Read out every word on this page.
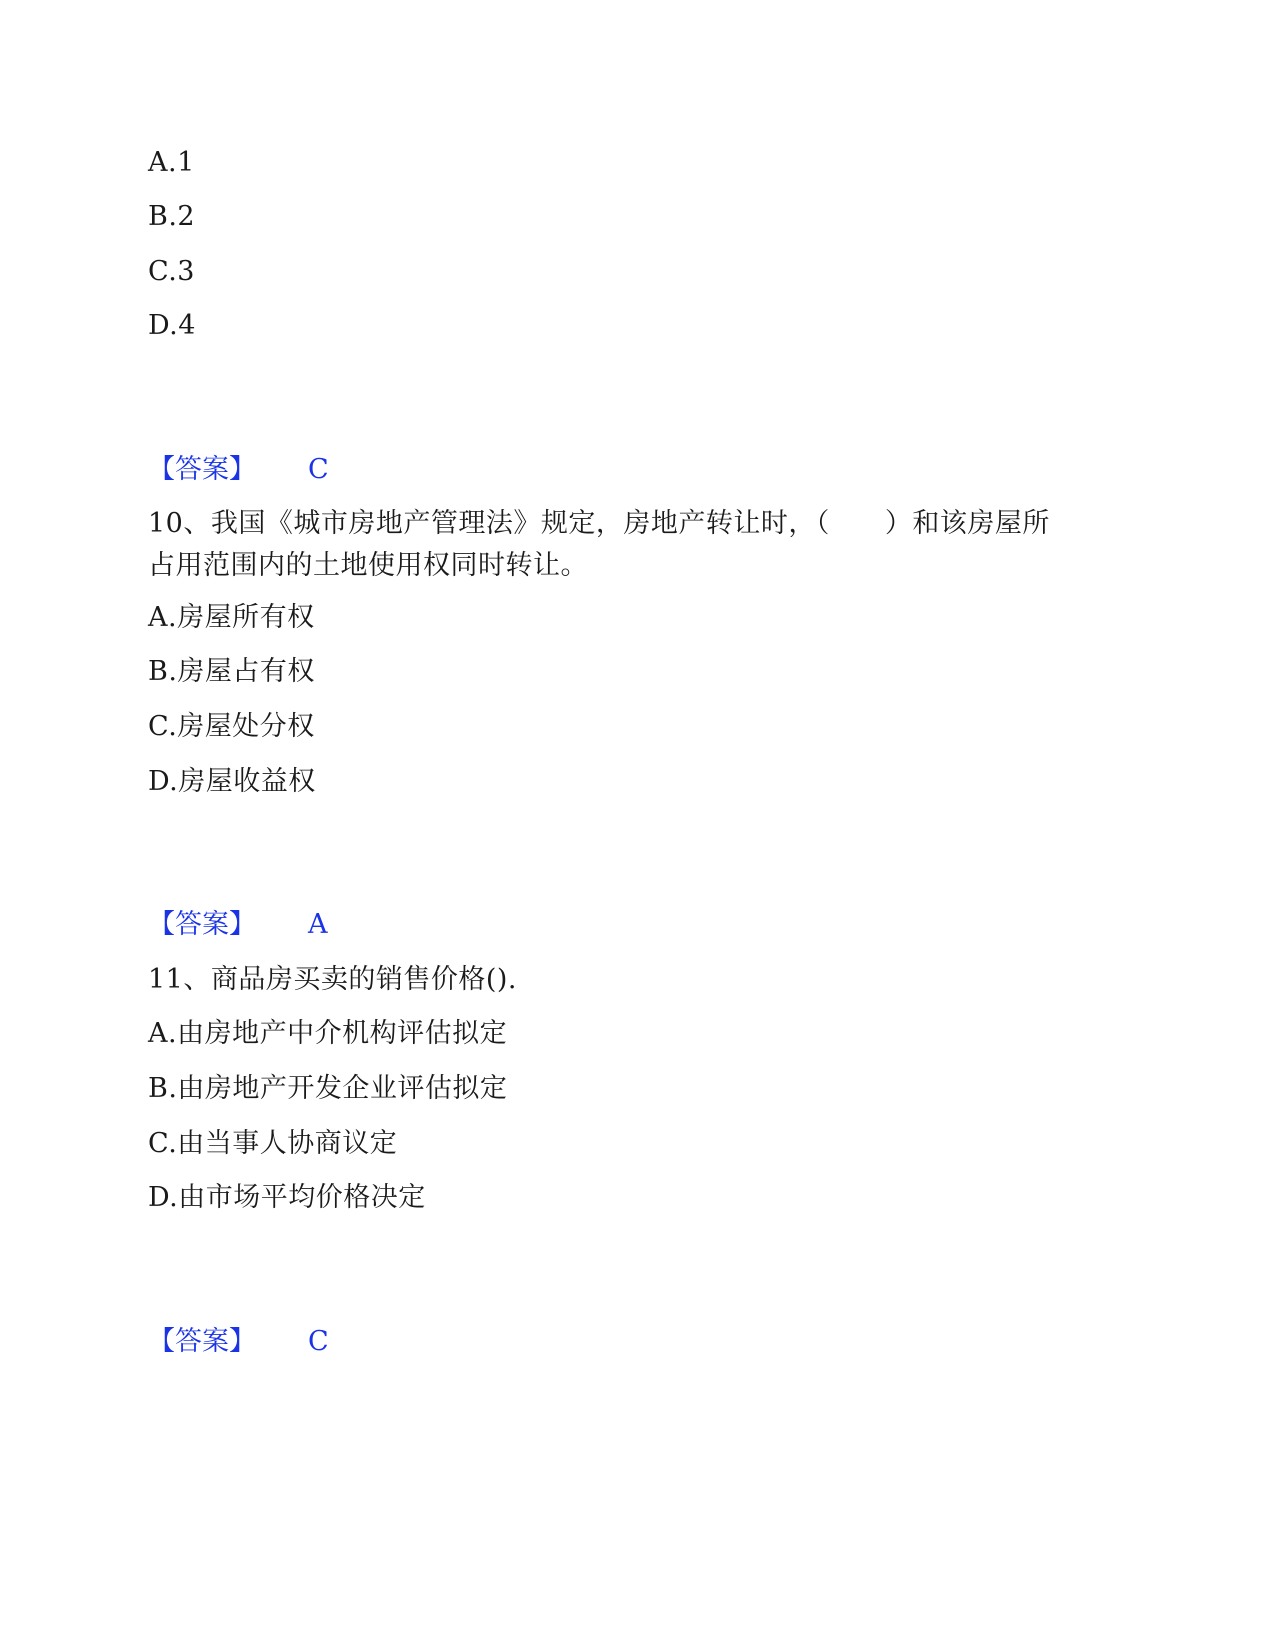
A.1
B.2
C.3
D.4
【答案】 C
10、我国《城市房地产管理法》规定，房地产转让时，（　　）和该房屋所
占用范围内的土地使用权同时转让。
A.房屋所有权
B.房屋占有权
C.房屋处分权
D.房屋收益权
【答案】 A
11、商品房买卖的销售价格().
A.由房地产中介机构评估拟定
B.由房地产开发企业评估拟定
C.由当事人协商议定
D.由市场平均价格决定
【答案】 C
